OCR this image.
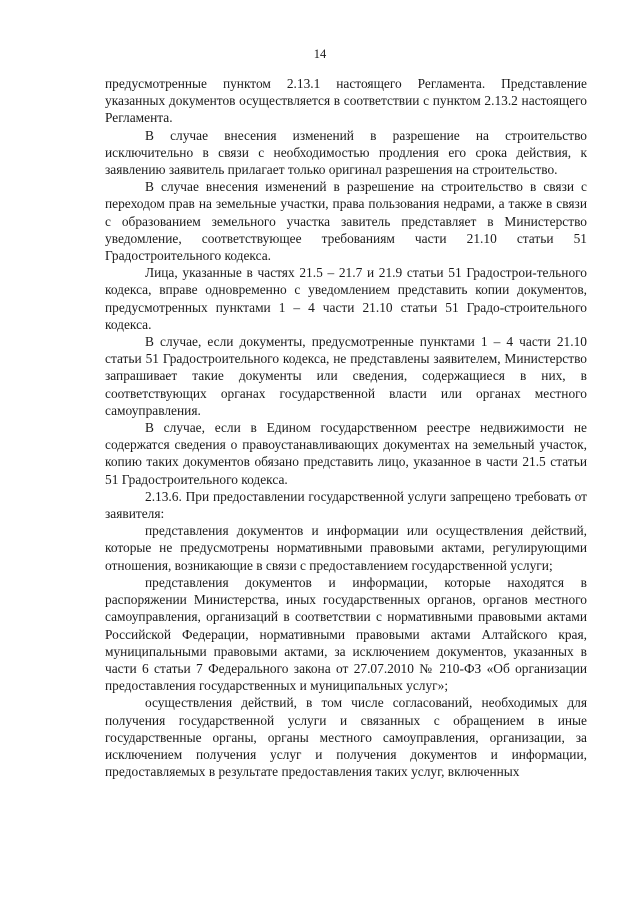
14

предусмотренные пунктом 2.13.1 настоящего Регламента. Представление указанных документов осуществляется в соответствии с пунктом 2.13.2 настоящего Регламента.

В случае внесения изменений в разрешение на строительство исключительно в связи с необходимостью продления его срока действия, к заявлению заявитель прилагает только оригинал разрешения на строительство.

В случае внесения изменений в разрешение на строительство в связи с переходом прав на земельные участки, права пользования недрами, а также в связи с образованием земельного участка завитель представляет в Министерство уведомление, соответствующее требованиям части 21.10 статьи 51 Градостроительного кодекса.

Лица, указанные в частях 21.5 – 21.7 и 21.9 статьи 51 Градострои-тельного кодекса, вправе одновременно с уведомлением представить копии документов, предусмотренных пунктами 1 – 4 части 21.10 статьи 51 Градо-строительного кодекса.

В случае, если документы, предусмотренные пунктами 1 – 4 части 21.10 статьи 51 Градостроительного кодекса, не представлены заявителем, Министерство запрашивает такие документы или сведения, содержащиеся в них, в соответствующих органах государственной власти или органах местного самоуправления.

В случае, если в Едином государственном реестре недвижимости не содержатся сведения о правоустанавливающих документах на земельный участок, копию таких документов обязано представить лицо, указанное в части 21.5 статьи 51 Градостроительного кодекса.

2.13.6. При предоставлении государственной услуги запрещено требовать от заявителя:

представления документов и информации или осуществления действий, которые не предусмотрены нормативными правовыми актами, регулирующими отношения, возникающие в связи с предоставлением государственной услуги;

представления документов и информации, которые находятся в распоряжении Министерства, иных государственных органов, органов местного самоуправления, организаций в соответствии с нормативными правовыми актами Российской Федерации, нормативными правовыми актами Алтайского края, муниципальными правовыми актами, за исключением документов, указанных в части 6 статьи 7 Федерального закона от 27.07.2010 № 210-ФЗ «Об организации предоставления государственных и муниципальных услуг»;

осуществления действий, в том числе согласований, необходимых для получения государственной услуги и связанных с обращением в иные государственные органы, органы местного самоуправления, организации, за исключением получения услуг и получения документов и информации, предоставляемых в результате предоставления таких услуг, включенных
